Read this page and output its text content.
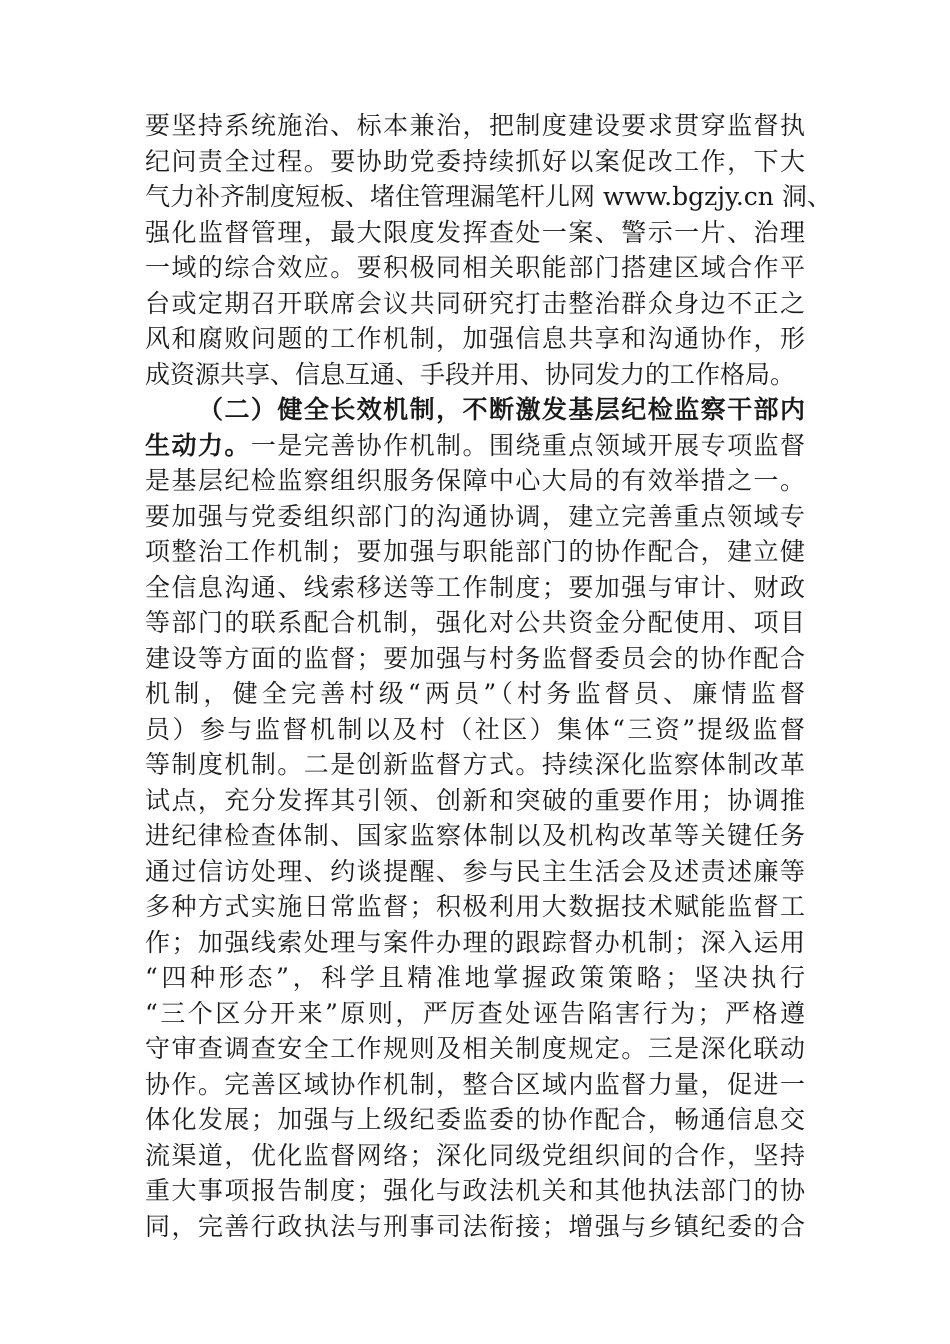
要坚持系统施治、标本兼治，把制度建设要求贯穿监督执
纪问责全过程。要协助党委持续抓好以案促改工作，下大
气力补齐制度短板、堵住管理漏笔杆儿网 www.bgzjy.cn 洞、
强化监督管理，最大限度发挥查处一案、警示一片、治理
一域的综合效应。要积极同相关职能部门搭建区域合作平
台或定期召开联席会议共同研究打击整治群众身边不正之
风和腐败问题的工作机制，加强信息共享和沟通协作，形
成资源共享、信息互通、手段并用、协同发力的工作格局。
（二）健全长效机制，不断激发基层纪检监察干部内
生动力。一是完善协作机制。围绕重点领域开展专项监督
是基层纪检监察组织服务保障中心大局的有效举措之一。
要加强与党委组织部门的沟通协调，建立完善重点领域专
项整治工作机制；要加强与职能部门的协作配合，建立健
全信息沟通、线索移送等工作制度；要加强与审计、财政
等部门的联系配合机制，强化对公共资金分配使用、项目
建设等方面的监督；要加强与村务监督委员会的协作配合
机制，健全完善村级“两员”（村务监督员、廉情监督
员）参与监督机制以及村（社区）集体“三资”提级监督
等制度机制。二是创新监督方式。持续深化监察体制改革
试点，充分发挥其引领、创新和突破的重要作用；协调推
进纪律检查体制、国家监察体制以及机构改革等关键任务
通过信访处理、约谈提醒、参与民主生活会及述责述廉等
多种方式实施日常监督；积极利用大数据技术赋能监督工
作；加强线索处理与案件办理的跟踪督办机制；深入运用
“四种形态”，科学且精准地掌握政策策略；坚决执行
“三个区分开来”原则，严厉查处诬告陷害行为；严格遵
守审查调查安全工作规则及相关制度规定。三是深化联动
协作。完善区域协作机制，整合区域内监督力量，促进一
体化发展；加强与上级纪委监委的协作配合，畅通信息交
流渠道，优化监督网络；深化同级党组织间的合作，坚持
重大事项报告制度；强化与政法机关和其他执法部门的协
同，完善行政执法与刑事司法衔接；增强与乡镇纪委的合
